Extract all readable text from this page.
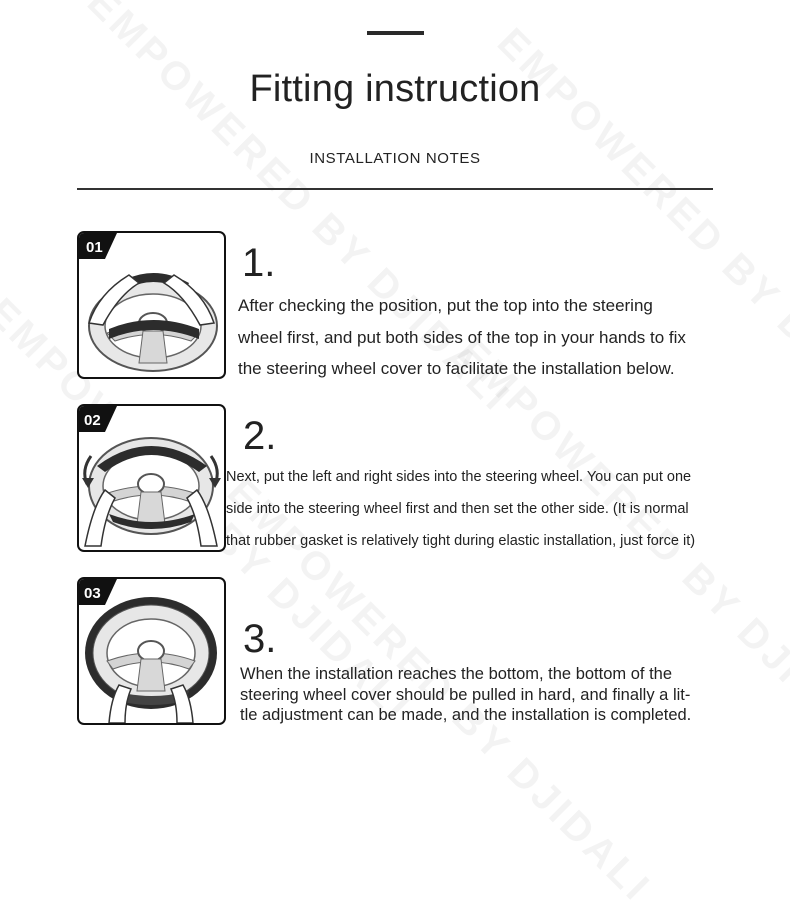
Fitting instruction
INSTALLATION NOTES
01	1.
After checking the position, put the top into the steering
wheel first, and put both sides of the top in your hands to fix
the steering wheel cover to facilitate the installation below.
02	2.
Next, put the left and right sides into the steering wheel. You can put one
side into the steering wheel first and then set the other side. (It is normal
that rubber gasket is relatively tight during elastic installation, just force it)
03
3.
When the installation reaches the bottom, the bottom of the
steering wheel cover should be pulled in hard, and finally a lit-
tle adjustment can be made, and the installation is completed.
